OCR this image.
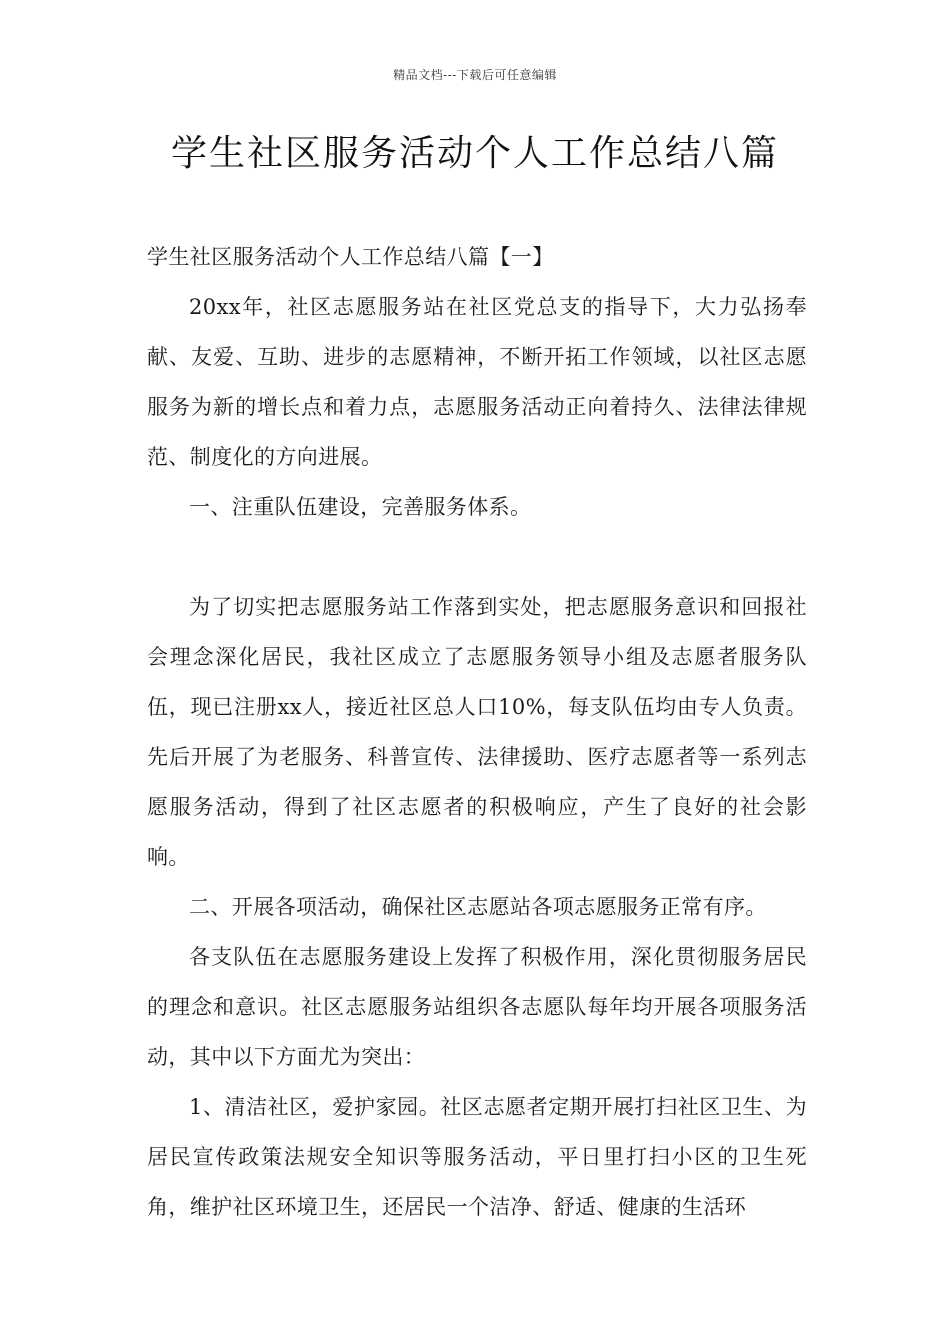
精品文档---下载后可任意编辑
学生社区服务活动个人工作总结八篇

学生社区服务活动个人工作总结八篇【一】

20xx年，社区志愿服务站在社区党总支的指导下，大力弘扬奉献、友爱、互助、进步的志愿精神，不断开拓工作领域，以社区志愿服务为新的增长点和着力点，志愿服务活动正向着持久、法律法律规范、制度化的方向进展。

一、注重队伍建设，完善服务体系。

为了切实把志愿服务站工作落到实处，把志愿服务意识和回报社会理念深化居民，我社区成立了志愿服务领导小组及志愿者服务队伍，现已注册xx人，接近社区总人口10%，每支队伍均由专人负责。先后开展了为老服务、科普宣传、法律援助、医疗志愿者等一系列志愿服务活动，得到了社区志愿者的积极响应，产生了良好的社会影响。

二、开展各项活动，确保社区志愿站各项志愿服务正常有序。

各支队伍在志愿服务建设上发挥了积极作用，深化贯彻服务居民的理念和意识。社区志愿服务站组织各志愿队每年均开展各项服务活动，其中以下方面尤为突出：

1、清洁社区，爱护家园。社区志愿者定期开展打扫社区卫生、为居民宣传政策法规安全知识等服务活动，平日里打扫小区的卫生死角，维护社区环境卫生，还居民一个洁净、舒适、健康的生活环
